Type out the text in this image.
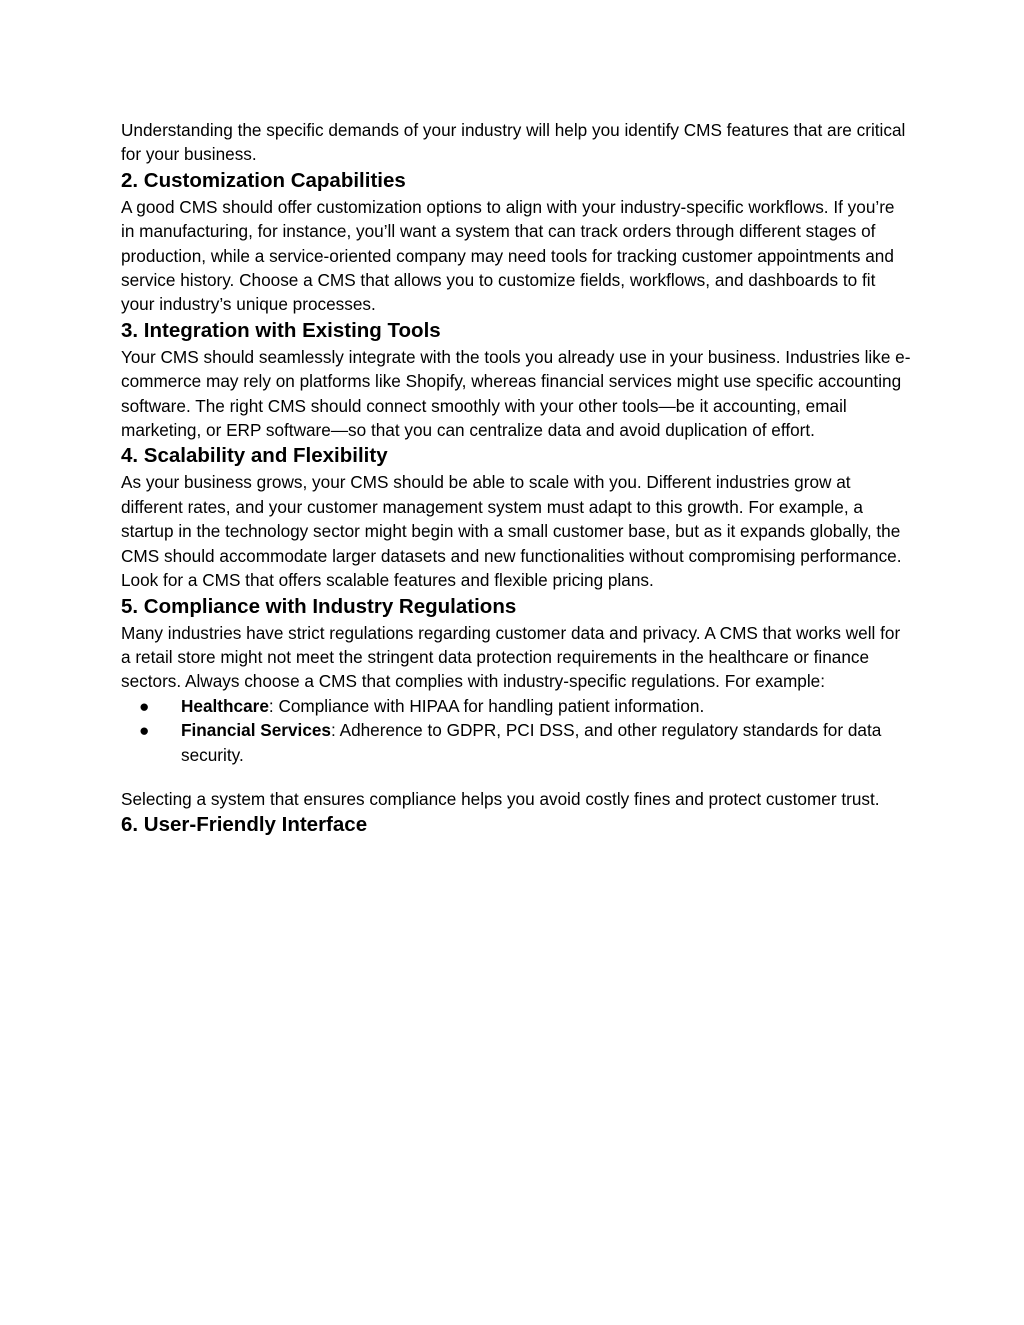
Understanding the specific demands of your industry will help you identify CMS features that are critical for your business.

2. Customization Capabilities

A good CMS should offer customization options to align with your industry-specific workflows. If you’re in manufacturing, for instance, you’ll want a system that can track orders through different stages of production, while a service-oriented company may need tools for tracking customer appointments and service history. Choose a CMS that allows you to customize fields, workflows, and dashboards to fit your industry’s unique processes.

3. Integration with Existing Tools

Your CMS should seamlessly integrate with the tools you already use in your business. Industries like e-commerce may rely on platforms like Shopify, whereas financial services might use specific accounting software. The right CMS should connect smoothly with your other tools—be it accounting, email marketing, or ERP software—so that you can centralize data and avoid duplication of effort.

4. Scalability and Flexibility

As your business grows, your CMS should be able to scale with you. Different industries grow at different rates, and your customer management system must adapt to this growth. For example, a startup in the technology sector might begin with a small customer base, but as it expands globally, the CMS should accommodate larger datasets and new functionalities without compromising performance. Look for a CMS that offers scalable features and flexible pricing plans.

5. Compliance with Industry Regulations

Many industries have strict regulations regarding customer data and privacy. A CMS that works well for a retail store might not meet the stringent data protection requirements in the healthcare or finance sectors. Always choose a CMS that complies with industry-specific regulations. For example:

● Healthcare: Compliance with HIPAA for handling patient information.
● Financial Services: Adherence to GDPR, PCI DSS, and other regulatory standards for data security.

Selecting a system that ensures compliance helps you avoid costly fines and protect customer trust.

6. User-Friendly Interface
